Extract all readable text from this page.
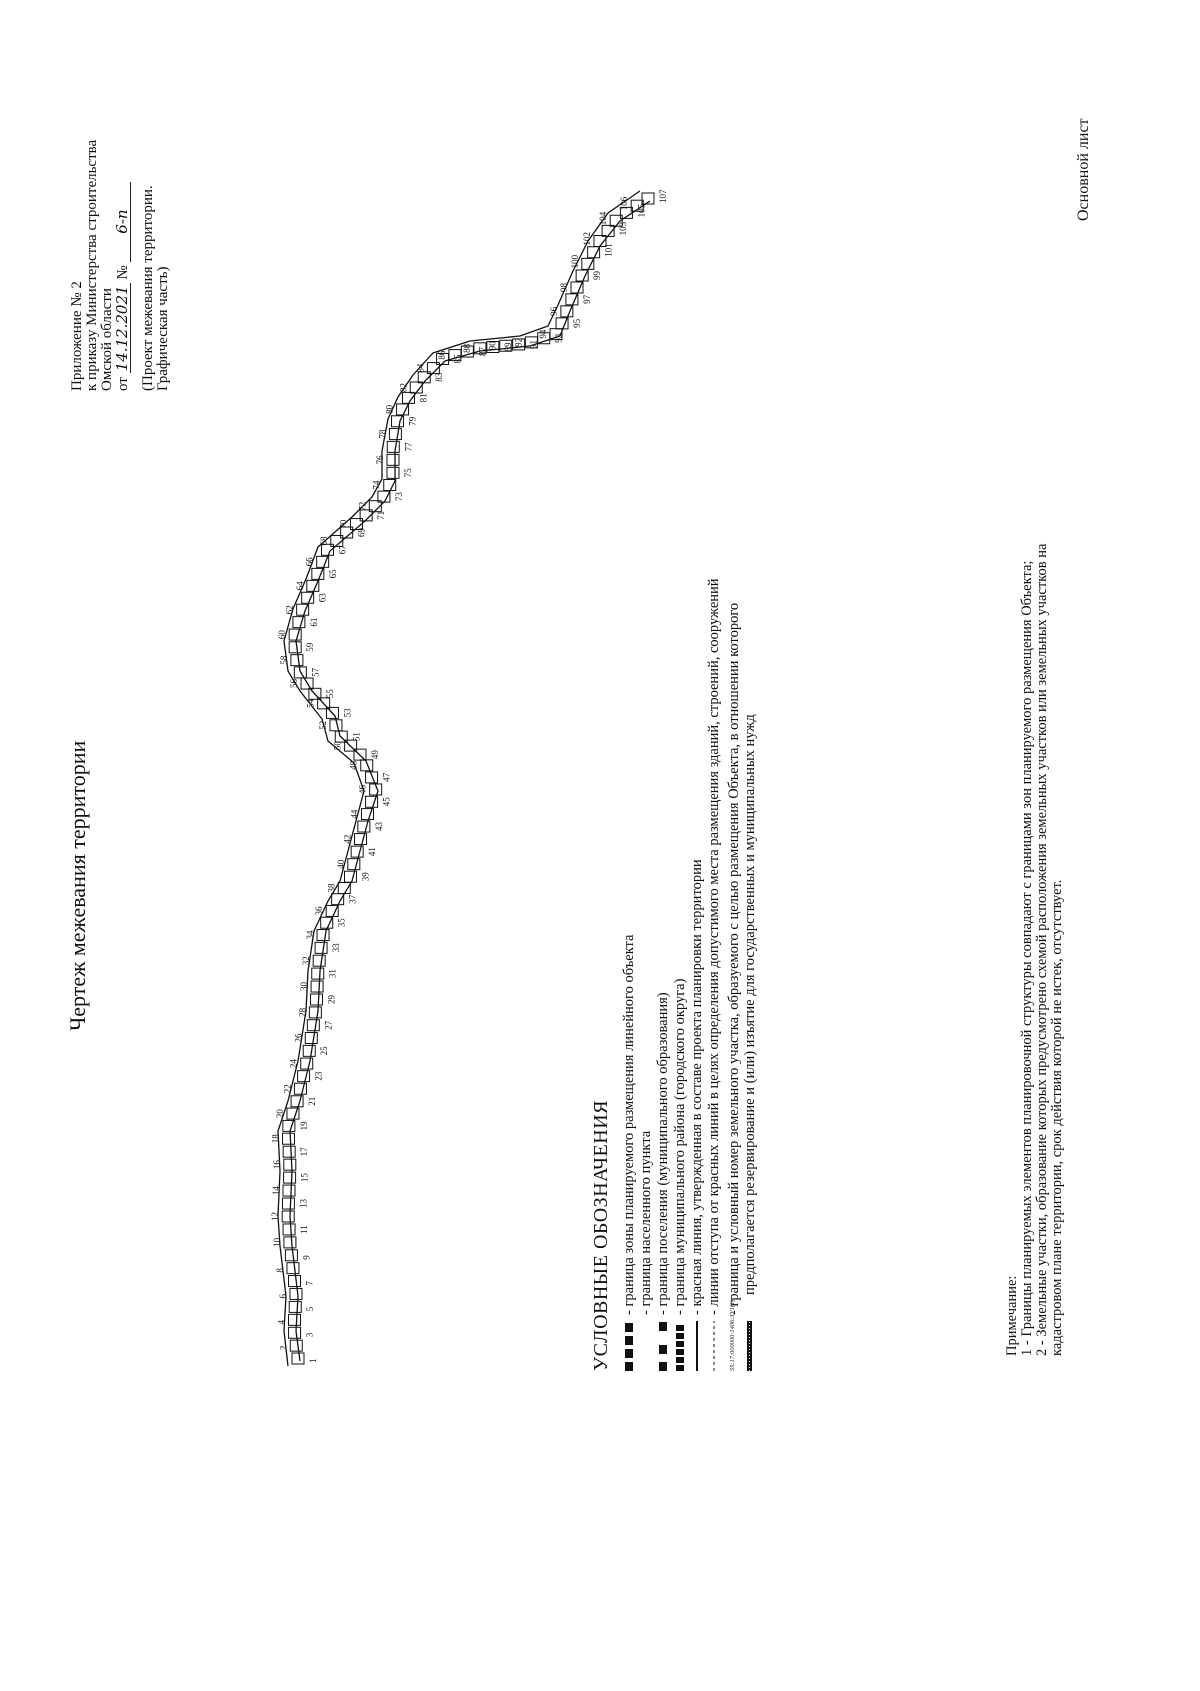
Приложение № 2 к приказу Министерства строительства Омской области от 14.12.2021 № 6-п (Проект межевания территории. Графическая часть)
Чертеж межевания территории
1
2
3
4
5
6
7
8
9
10
11
12
13
14
15
16
17
18
19
20
21
22
23
24
25
26
27
28
29
30
31
32
33
34
35
36
37
38
39
40
41
42
43
44
45
46
47
48
49
50
51
52
53
54
55
56
57
58
59
60
61
62
63
64
65
66
67
68
69
70
71
72
73
74
75
76
77
78
79
80
81
82
83
84
85
86	87
88	89
90	91
92	93
94
95
96
97
98
99
100
101
102
103
104
105
106
107
УСЛОВНЫЕ ОБОЗНАЧЕНИЯ - граница зоны планируемого размещения линейного объекта - граница населенного пункта - граница поселения (муниципального образования) - граница муниципального района (городского округа) - красная линия, утвержденная в составе проекта планировки территории - линии отступа от красных линий в целях определения допустимого места размещения зданий, строений, сооружений
55:17:000000:1406:ЗУ1(1)
- граница и условный номер земельного участка, образуемого с целью размещения Объекта, в отношении которого предполагается резервирование и (или) изъятие для государственных и муниципальных нужд
Примечание: 1 - Границы планируемых элементов планировочной структуры совпадают с границами зон планируемого размещения Объекта; 2 - Земельные участки, образование которых предусмотрено схемой расположения земельных участков или земельных участков на кадастровом плане территории, срок действия которой не истек, отсутствует.
Основной лист
